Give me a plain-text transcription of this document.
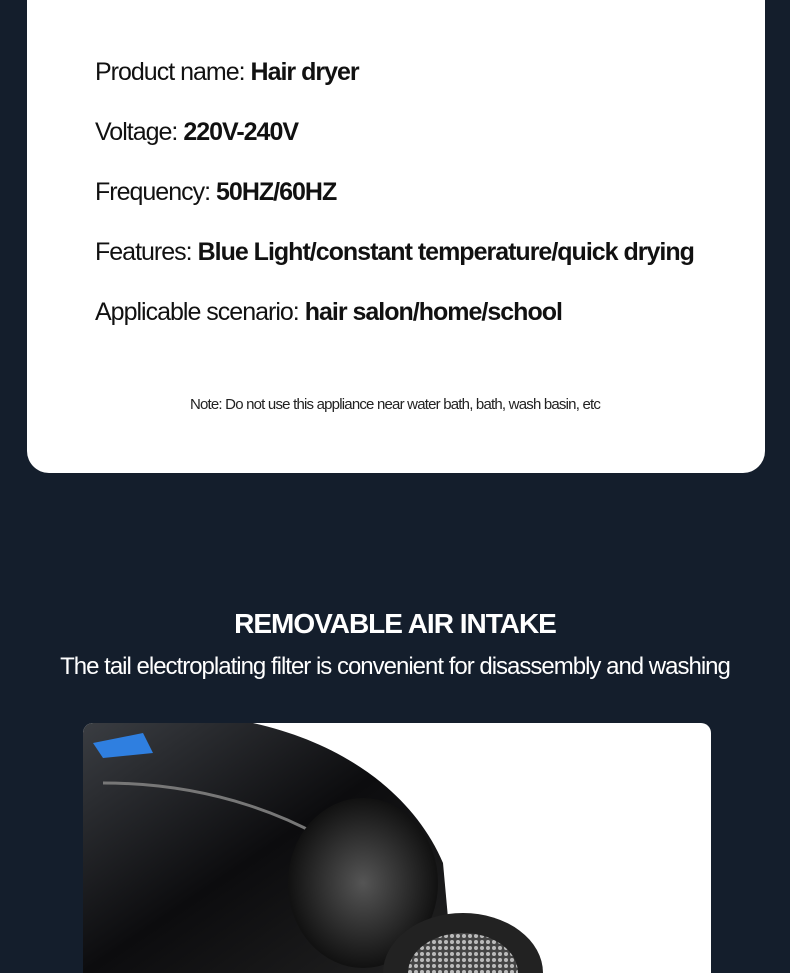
Product name: Hair dryer
Voltage: 220V-240V
Frequency: 50HZ/60HZ
Features: Blue Light/constant temperature/quick drying
Applicable scenario: hair salon/home/school
Note: Do not use this appliance near water bath, bath, wash basin, etc
REMOVABLE AIR INTAKE
The tail electroplating filter is convenient for disassembly and washing
